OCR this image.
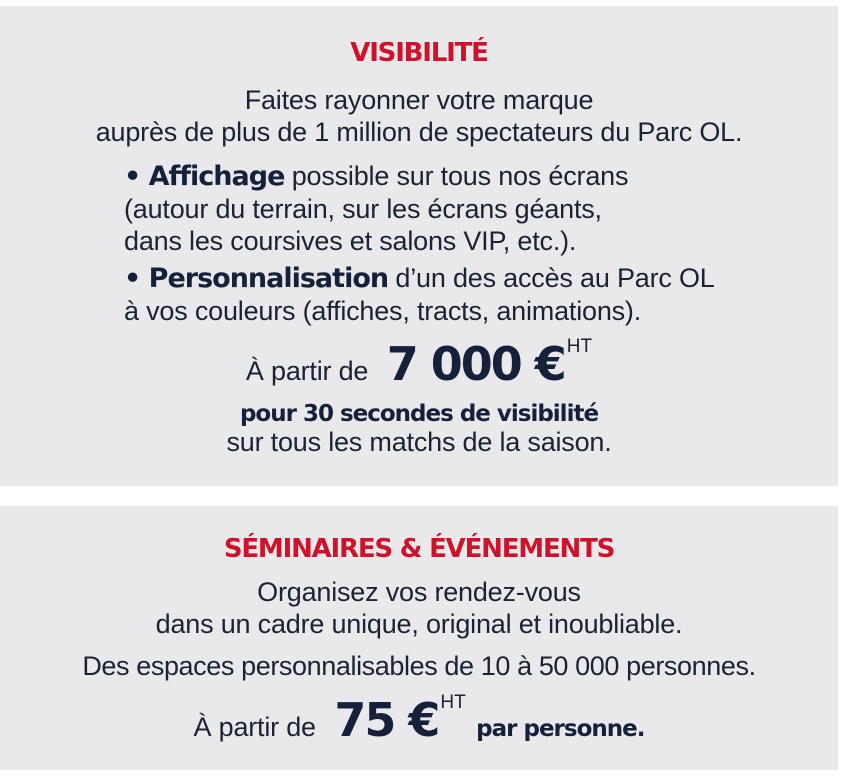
VISIBILITÉ
Faites rayonner votre marque
auprès de plus de 1 million de spectateurs du Parc OL.
• Affichage possible sur tous nos écrans
(autour du terrain, sur les écrans géants,
dans les coursives et salons VIP, etc.).
• Personnalisation d’un des accès au Parc OL
à vos couleurs (affiches, tracts, animations).
À partir de 7 000 € HT
pour 30 secondes de visibilité
sur tous les matchs de la saison.
SÉMINAIRES & ÉVÉNEMENTS
Organisez vos rendez-vous
dans un cadre unique, original et inoubliable.
Des espaces personnalisables de 10 à 50 000 personnes.
À partir de 75 € HT par personne.
